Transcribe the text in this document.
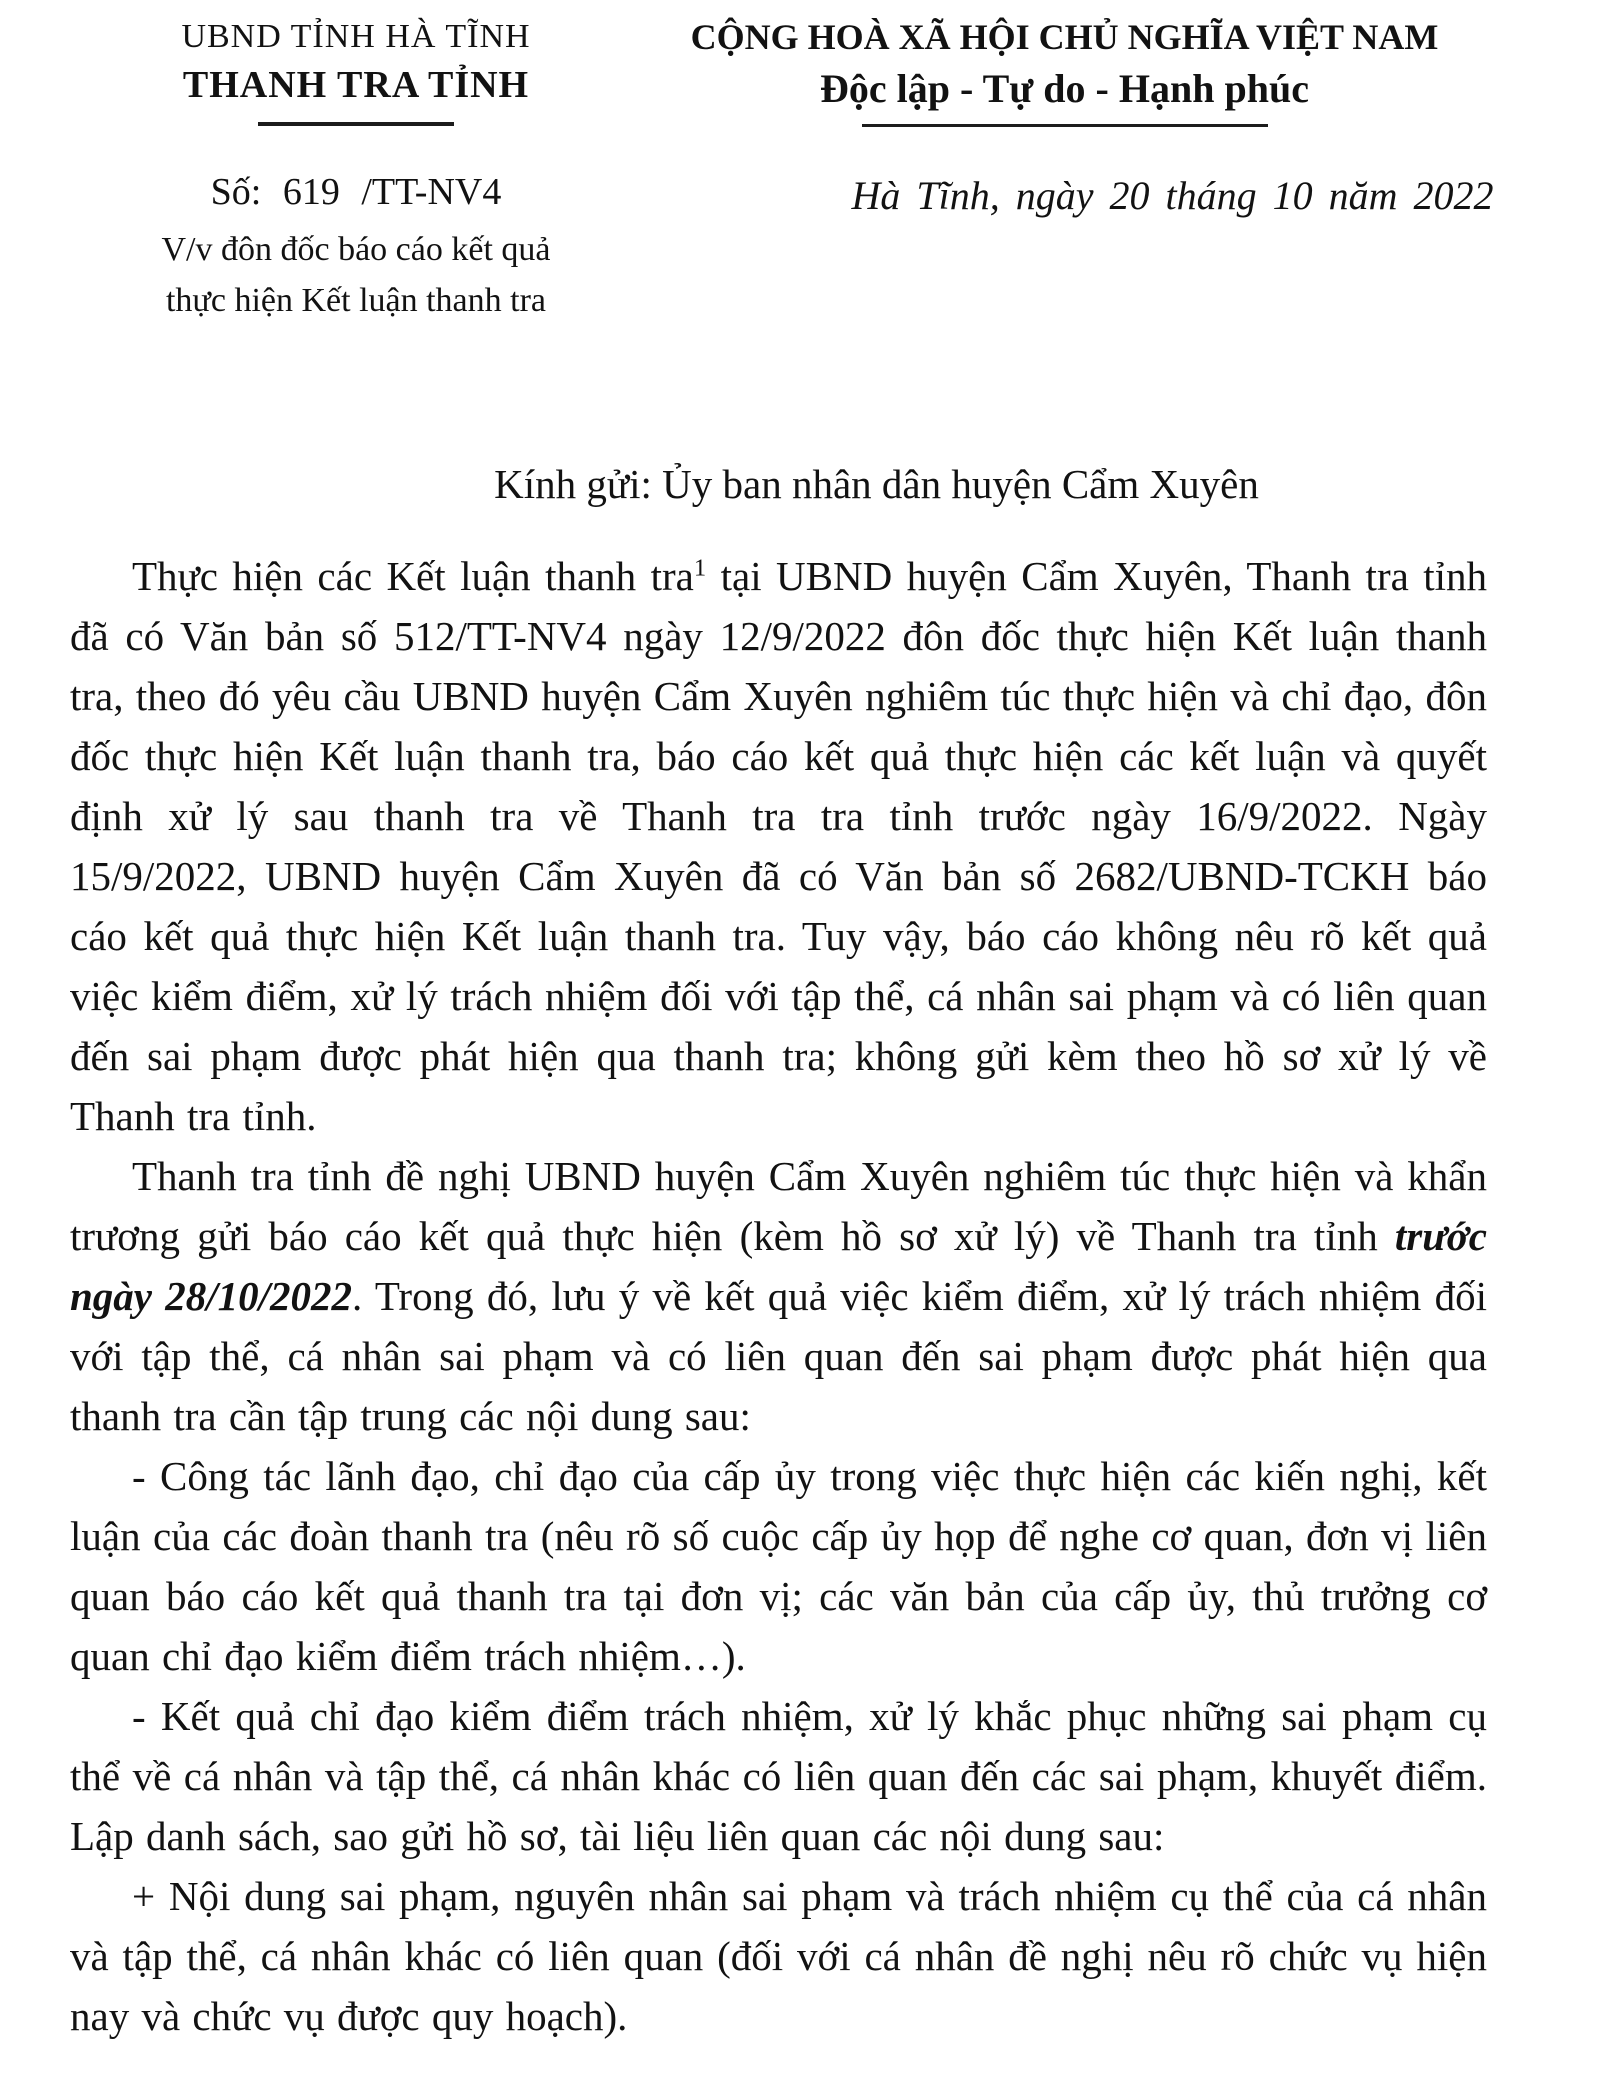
UBND TỈNH HÀ TĨNH
THANH TRA TỈNH
Số: 619 /TT-NV4
V/v đôn đốc báo cáo kết quả
thực hiện Kết luận thanh tra
CỘNG HOÀ XÃ HỘI CHỦ NGHĨA VIỆT NAM
Độc lập - Tự do - Hạnh phúc
Hà Tĩnh, ngày 20 tháng 10 năm 2022
Kính gửi: Ủy ban nhân dân huyện Cẩm Xuyên

Thực hiện các Kết luận thanh tra$^1$ tại UBND huyện Cẩm Xuyên, Thanh tra tỉnh đã có Văn bản số 512/TT-NV4 ngày 12/9/2022 đôn đốc thực hiện Kết luận thanh tra, theo đó yêu cầu UBND huyện Cẩm Xuyên nghiêm túc thực hiện và chỉ đạo, đôn đốc thực hiện Kết luận thanh tra, báo cáo kết quả thực hiện các kết luận và quyết định xử lý sau thanh tra về Thanh tra tra tỉnh trước ngày 16/9/2022. Ngày 15/9/2022, UBND huyện Cẩm Xuyên đã có Văn bản số 2682/UBND-TCKH báo cáo kết quả thực hiện Kết luận thanh tra. Tuy vậy, báo cáo không nêu rõ kết quả việc kiểm điểm, xử lý trách nhiệm đối với tập thể, cá nhân sai phạm và có liên quan đến sai phạm được phát hiện qua thanh tra; không gửi kèm theo hồ sơ xử lý về Thanh tra tỉnh.

Thanh tra tỉnh đề nghị UBND huyện Cẩm Xuyên nghiêm túc thực hiện và khẩn trương gửi báo cáo kết quả thực hiện (kèm hồ sơ xử lý) về Thanh tra tỉnh trước ngày 28/10/2022. Trong đó, lưu ý về kết quả việc kiểm điểm, xử lý trách nhiệm đối với tập thể, cá nhân sai phạm và có liên quan đến sai phạm được phát hiện qua thanh tra cần tập trung các nội dung sau:

- Công tác lãnh đạo, chỉ đạo của cấp ủy trong việc thực hiện các kiến nghị, kết luận của các đoàn thanh tra (nêu rõ số cuộc cấp ủy họp để nghe cơ quan, đơn vị liên quan báo cáo kết quả thanh tra tại đơn vị; các văn bản của cấp ủy, thủ trưởng cơ quan chỉ đạo kiểm điểm trách nhiệm…).

- Kết quả chỉ đạo kiểm điểm trách nhiệm, xử lý khắc phục những sai phạm cụ thể về cá nhân và tập thể, cá nhân khác có liên quan đến các sai phạm, khuyết điểm. Lập danh sách, sao gửi hồ sơ, tài liệu liên quan các nội dung sau:

+ Nội dung sai phạm, nguyên nhân sai phạm và trách nhiệm cụ thể của cá nhân và tập thể, cá nhân khác có liên quan (đối với cá nhân đề nghị nêu rõ chức vụ hiện nay và chức vụ được quy hoạch).
